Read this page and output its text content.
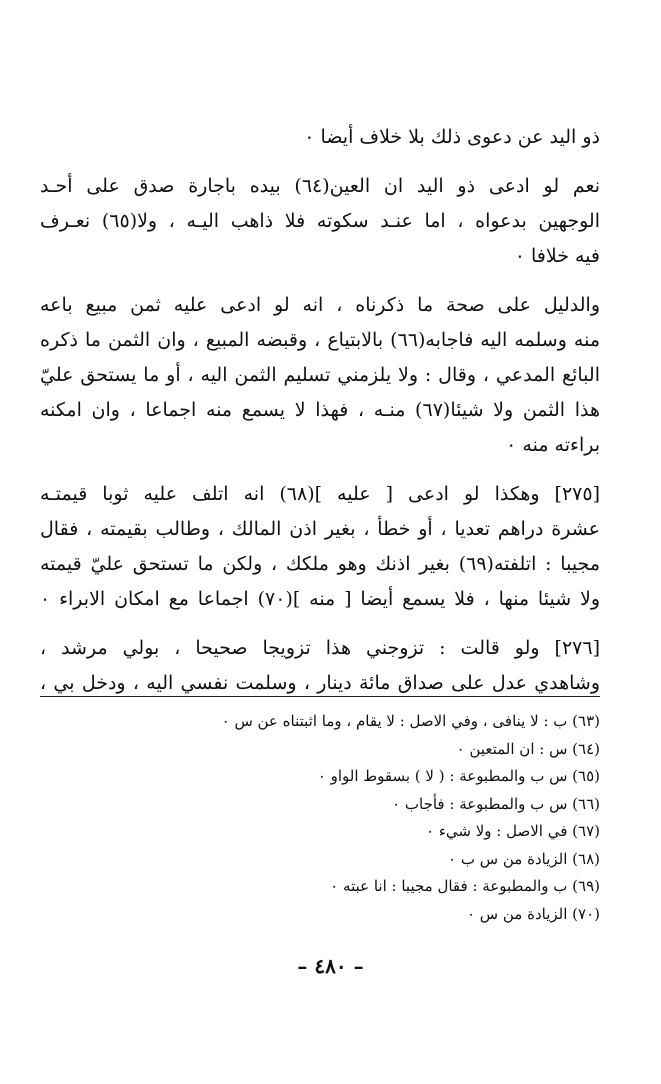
ذو اليد عن دعوى ذلك بلا خلاف أيضا ٠
نعم لو ادعى ذو اليد ان العين(٦٤) بيده باجارة صدق على أحـد
الوجهين بدعواه ، اما عنـد سكوته فلا ذاهب اليـه ، ولا(٦٥) نعـرف
فيه خلافا ٠
والدليل على صحة ما ذكرناه ، انه لو ادعى عليه ثمن مبيع باعه
منه وسلمه اليه فاجابه(٦٦) بالابتياع ، وقبضه المبيع ، وان الثمن ما ذكره
البائع المدعي ، وقال : ولا يلزمني تسليم الثمن اليه ، أو ما يستحق عليّ
هذا الثمن ولا شيئا(٦٧) منـه ، فهذا لا يسمع منه اجماعا ، وان امكنه
براءته منه ٠
[٢٧٥] وهكذا لو ادعى [ عليه ](٦٨) انه اتلف عليه ثوبا قيمتـه
عشرة دراهم تعديا ، أو خطأ ، بغير اذن المالك ، وطالب بقيمته ، فقال
مجيبا : اتلفته(٦٩) بغير اذنك وهو ملكك ، ولكن ما تستحق عليّ قيمته
ولا شيئا منها ، فلا يسمع أيضا [ منه ](٧٠) اجماعا مع امكان الابراء ٠
[٢٧٦] ولو قالت : تزوجني هذا تزويجا صحيحا ، بولي مرشد ،
وشاهدي عدل على صداق مائة دينار ، وسلمت نفسي اليه ، ودخل بي ،
(٦٣) ب : لا ينافى ، وفي الاصل : لا يقام ، وما اثبتناه عن س ٠
(٦٤) س : ان المتعين ٠
(٦٥) س ب والمطبوعة : ( لا ) بسقوط الواو ٠
(٦٦) س ب والمطبوعة : فأجاب ٠
(٦٧) في الاصل : ولا شيء ٠
(٦٨) الزيادة من س ب ٠
(٦٩) ب والمطبوعة : فقال مجيبا : انا عبته ٠
(٧٠) الزيادة من س ٠
– ٤٨٠ –
